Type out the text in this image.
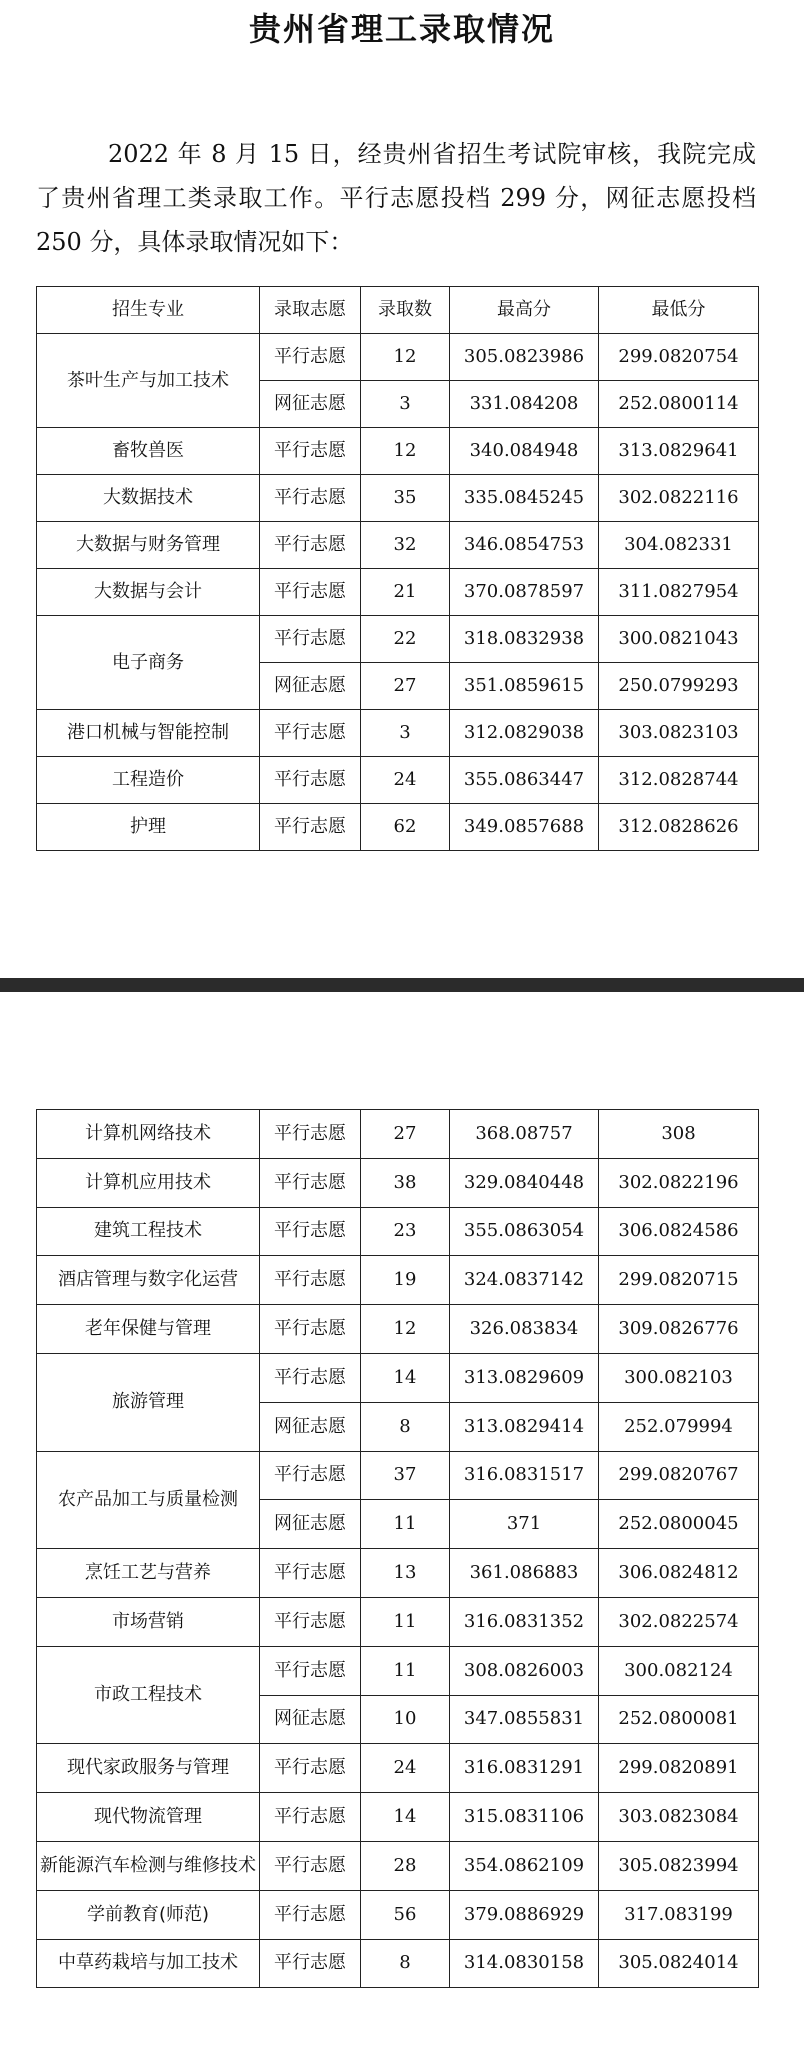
贵州省理工录取情况

2022 年 8 月 15 日，经贵州省招生考试院审核，我院完成了贵州省理工类录取工作。平行志愿投档 299 分，网征志愿投档 250 分，具体录取情况如下：

招生专业	录取志愿	录取数	最高分	最低分
茶叶生产与加工技术	平行志愿	12	305.0823986	299.0820754
	网征志愿	3	331.084208	252.0800114
畜牧兽医	平行志愿	12	340.084948	313.0829641
大数据技术	平行志愿	35	335.0845245	302.0822116
大数据与财务管理	平行志愿	32	346.0854753	304.082331
大数据与会计	平行志愿	21	370.0878597	311.0827954
电子商务	平行志愿	22	318.0832938	300.0821043
	网征志愿	27	351.0859615	250.0799293
港口机械与智能控制	平行志愿	3	312.0829038	303.0823103
工程造价	平行志愿	24	355.0863447	312.0828744
护理	平行志愿	62	349.0857688	312.0828626
计算机网络技术	平行志愿	27	368.08757	308
计算机应用技术	平行志愿	38	329.0840448	302.0822196
建筑工程技术	平行志愿	23	355.0863054	306.0824586
酒店管理与数字化运营	平行志愿	19	324.0837142	299.0820715
老年保健与管理	平行志愿	12	326.083834	309.0826776
旅游管理	平行志愿	14	313.0829609	300.082103
	网征志愿	8	313.0829414	252.079994
农产品加工与质量检测	平行志愿	37	316.0831517	299.0820767
	网征志愿	11	371	252.0800045
烹饪工艺与营养	平行志愿	13	361.086883	306.0824812
市场营销	平行志愿	11	316.0831352	302.0822574
市政工程技术	平行志愿	11	308.0826003	300.082124
	网征志愿	10	347.0855831	252.0800081
现代家政服务与管理	平行志愿	24	316.0831291	299.0820891
现代物流管理	平行志愿	14	315.0831106	303.0823084
新能源汽车检测与维修技术	平行志愿	28	354.0862109	305.0823994
学前教育(师范)	平行志愿	56	379.0886929	317.083199
中草药栽培与加工技术	平行志愿	8	314.0830158	305.0824014
